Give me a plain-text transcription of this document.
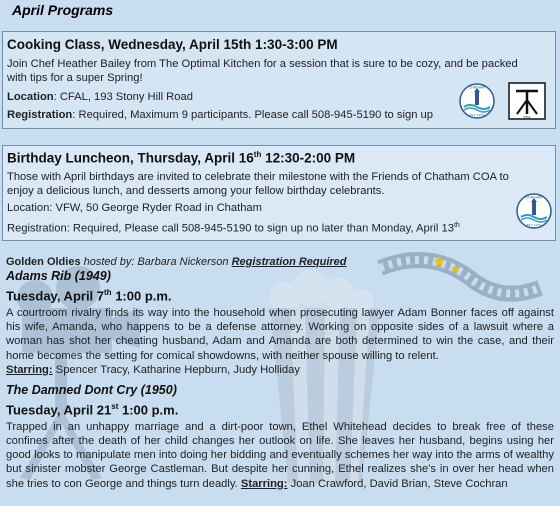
April Programs
Cooking Class, Wednesday, April 15th 1:30-3:00 PM
Join Chef Heather Bailey from The Optimal Kitchen for a session that is sure to be cozy, and be packed
with tips for a super Spring!
Location: CFAL, 193 Stony Hill Road
Registration: Required, Maximum 9 participants. Please call 508-945-5190 to sign up
CHATHAM
EST. 1970	CFAL
Birthday Luncheon, Thursday, April 16th 12:30-2:00 PM
Those with April birthdays are invited to celebrate their milestone with the Friends of Chatham COA to
enjoy a delicious lunch, and desserts among your fellow birthday celebrants.
Location: VFW, 50 George Ryder Road in Chatham
Registration: Required, Please call 508-945-5190 to sign up no later than Monday, April 13th
CHATHAM
EST. 1970
★ ★
Golden Oldies hosted by: Barbara Nickerson Registration Required
Adams Rib (1949)
Tuesday, April 7th 1:00 p.m.
A courtroom rivalry finds its way into the household when prosecuting lawyer Adam Bonner faces off against his wife, Amanda, who happens to be a defense attorney. Working on opposite sides of a lawsuit where a woman has shot her cheating husband, Adam and Amanda are both determined to win the case, and their home becomes the setting for comical showdowns, with neither spouse willing to relent.
Starring: Spencer Tracy, Katharine Hepburn, Judy Holliday
The Damned Dont Cry (1950)
Tuesday, April 21st 1:00 p.m.
Trapped in an unhappy marriage and a dirt-poor town, Ethel Whitehead decides to break free of these confines after the death of her child changes her outlook on life. She leaves her husband, begins using her good looks to manipulate men into doing her bidding and eventually schemes her way into the arms of wealthy but sinister mobster George Castleman. But despite her cunning, Ethel realizes she's in over her head when she tries to con George and things turn deadly. Starring: Joan Crawford, David Brian, Steve Cochran
